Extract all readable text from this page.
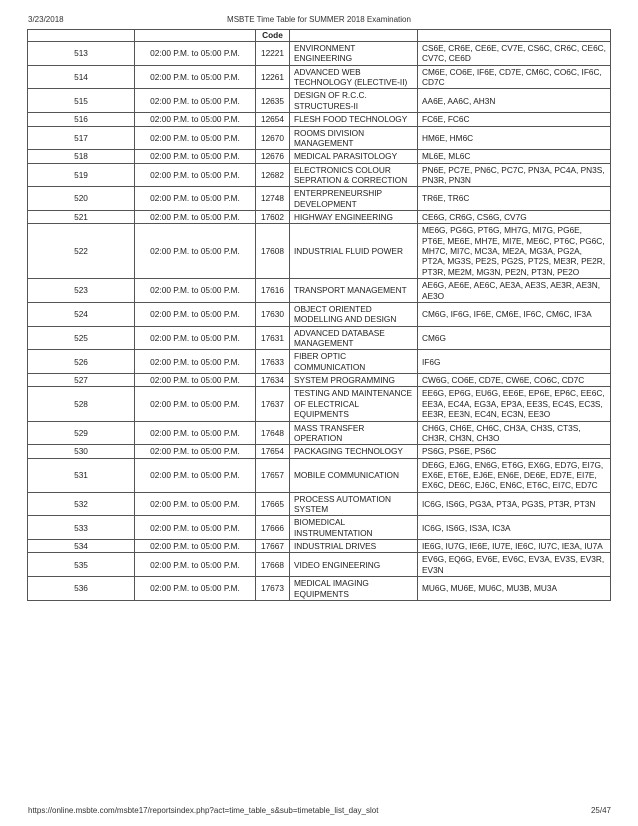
3/23/2018	MSBTE Time Table for SUMMER 2018 Examination
		Code		
513	02:00 P.M. to 05:00 P.M.	12221	ENVIRONMENT ENGINEERING	CS6E, CR6E, CE6E, CV7E, CS6C, CR6C, CE6C, CV7C, CE6D
514	02:00 P.M. to 05:00 P.M.	12261	ADVANCED WEB TECHNOLOGY (ELECTIVE-II)	CM6E, CO6E, IF6E, CD7E, CM6C, CO6C, IF6C, CD7C
515	02:00 P.M. to 05:00 P.M.	12635	DESIGN OF R.C.C. STRUCTURES-II	AA6E, AA6C, AH3N
516	02:00 P.M. to 05:00 P.M.	12654	FLESH FOOD TECHNOLOGY	FC6E, FC6C
517	02:00 P.M. to 05:00 P.M.	12670	ROOMS DIVISION MANAGEMENT	HM6E, HM6C
518	02:00 P.M. to 05:00 P.M.	12676	MEDICAL PARASITOLOGY	ML6E, ML6C
519	02:00 P.M. to 05:00 P.M.	12682	ELECTRONICS COLOUR SEPRATION & CORRECTION	PN6E, PC7E, PN6C, PC7C, PN3A, PC4A, PN3S, PN3R, PN3N
520	02:00 P.M. to 05:00 P.M.	12748	ENTERPRENEURSHIP DEVELOPMENT	TR6E, TR6C
521	02:00 P.M. to 05:00 P.M.	17602	HIGHWAY ENGINEERING	CE6G, CR6G, CS6G, CV7G
522	02:00 P.M. to 05:00 P.M.	17608	INDUSTRIAL FLUID POWER	ME6G, PG6G, PT6G, MH7G, MI7G, PG6E, PT6E, ME6E, MH7E, MI7E, ME6C, PT6C, PG6C, MH7C, MI7C, MC3A, ME2A, MG3A, PG2A, PT2A, MG3S, PE2S, PG2S, PT2S, ME3R, PE2R, PT3R, ME2M, MG3N, PE2N, PT3N, PE2O
523	02:00 P.M. to 05:00 P.M.	17616	TRANSPORT MANAGEMENT	AE6G, AE6E, AE6C, AE3A, AE3S, AE3R, AE3N, AE3O
524	02:00 P.M. to 05:00 P.M.	17630	OBJECT ORIENTED MODELLING AND DESIGN	CM6G, IF6G, IF6E, CM6E, IF6C, CM6C, IF3A
525	02:00 P.M. to 05:00 P.M.	17631	ADVANCED DATABASE MANAGEMENT	CM6G
526	02:00 P.M. to 05:00 P.M.	17633	FIBER OPTIC COMMUNICATION	IF6G
527	02:00 P.M. to 05:00 P.M.	17634	SYSTEM PROGRAMMING	CW6G, CO6E, CD7E, CW6E, CO6C, CD7C
528	02:00 P.M. to 05:00 P.M.	17637	TESTING AND MAINTENANCE OF ELECTRICAL EQUIPMENTS	EE6G, EP6G, EU6G, EE6E, EP6E, EP6C, EE6C, EE3A, EC4A, EG3A, EP3A, EE3S, EC4S, EC3S, EE3R, EE3N, EC4N, EC3N, EE3O
529	02:00 P.M. to 05:00 P.M.	17648	MASS TRANSFER OPERATION	CH6G, CH6E, CH6C, CH3A, CH3S, CT3S, CH3R, CH3N, CH3O
530	02:00 P.M. to 05:00 P.M.	17654	PACKAGING TECHNOLOGY	PS6G, PS6E, PS6C
531	02:00 P.M. to 05:00 P.M.	17657	MOBILE COMMUNICATION	DE6G, EJ6G, EN6G, ET6G, EX6G, ED7G, EI7G, EX6E, ET6E, EJ6E, EN6E, DE6E, ED7E, EI7E, EX6C, DE6C, EJ6C, EN6C, ET6C, EI7C, ED7C
532	02:00 P.M. to 05:00 P.M.	17665	PROCESS AUTOMATION SYSTEM	IC6G, IS6G, PG3A, PT3A, PG3S, PT3R, PT3N
533	02:00 P.M. to 05:00 P.M.	17666	BIOMEDICAL INSTRUMENTATION	IC6G, IS6G, IS3A, IC3A
534	02:00 P.M. to 05:00 P.M.	17667	INDUSTRIAL DRIVES	IE6G, IU7G, IE6E, IU7E, IE6C, IU7C, IE3A, IU7A
535	02:00 P.M. to 05:00 P.M.	17668	VIDEO ENGINEERING	EV6G, EQ6G, EV6E, EV6C, EV3A, EV3S, EV3R, EV3N
536	02:00 P.M. to 05:00 P.M.	17673	MEDICAL IMAGING EQUIPMENTS	MU6G, MU6E, MU6C, MU3B, MU3A
https://online.msbte.com/msbte17/reportsindex.php?act=time_table_s&sub=timetable_list_day_slot	25/47
